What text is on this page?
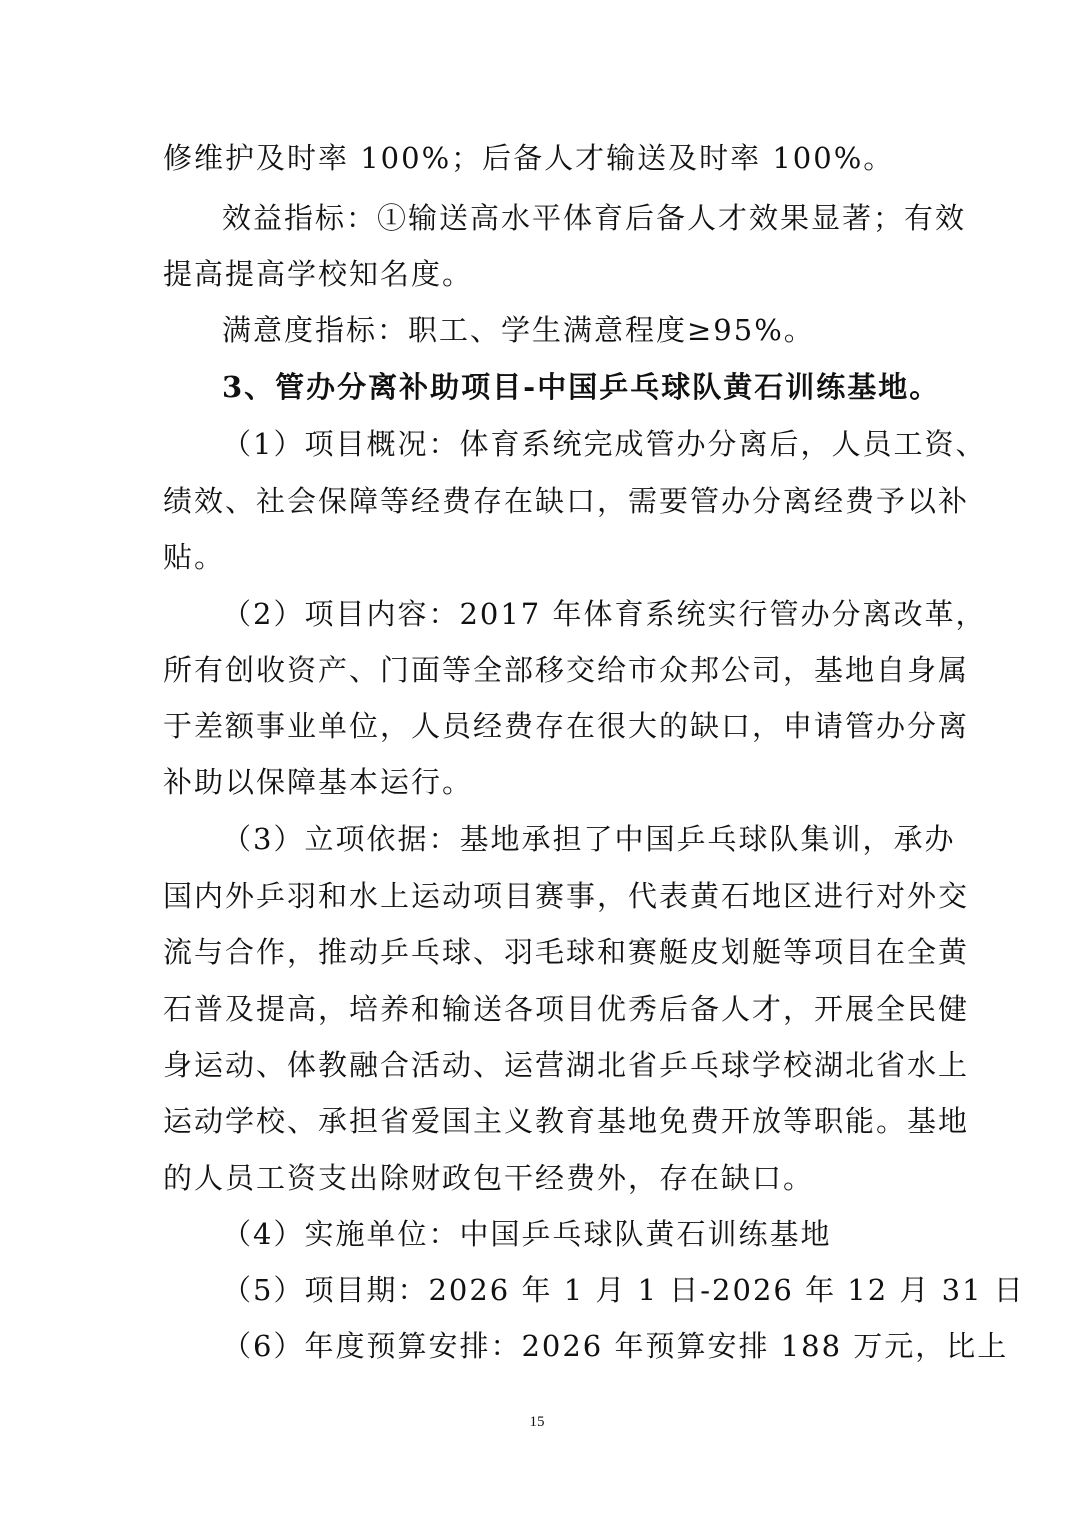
修维护及时率 100%；后备人才输送及时率 100%。
效益指标：①输送高水平体育后备人才效果显著；有效
提高提高学校知名度。
满意度指标：职工、学生满意程度≥95%。
3、管办分离补助项目-中国乒乓球队黄石训练基地。
（1）项目概况：体育系统完成管办分离后，人员工资、
绩效、社会保障等经费存在缺口，需要管办分离经费予以补
贴。
（2）项目内容：2017 年体育系统实行管办分离改革，
所有创收资产、门面等全部移交给市众邦公司，基地自身属
于差额事业单位，人员经费存在很大的缺口，申请管办分离
补助以保障基本运行。
（3）立项依据：基地承担了中国乒乓球队集训，承办
国内外乒羽和水上运动项目赛事，代表黄石地区进行对外交
流与合作，推动乒乓球、羽毛球和赛艇皮划艇等项目在全黄
石普及提高，培养和输送各项目优秀后备人才，开展全民健
身运动、体教融合活动、运营湖北省乒乓球学校湖北省水上
运动学校、承担省爱国主义教育基地免费开放等职能。基地
的人员工资支出除财政包干经费外，存在缺口。
（4）实施单位：中国乒乓球队黄石训练基地
（5）项目期：2026 年 1 月 1 日-2026 年 12 月 31 日
（6）年度预算安排：2026 年预算安排 188 万元，比上
15
